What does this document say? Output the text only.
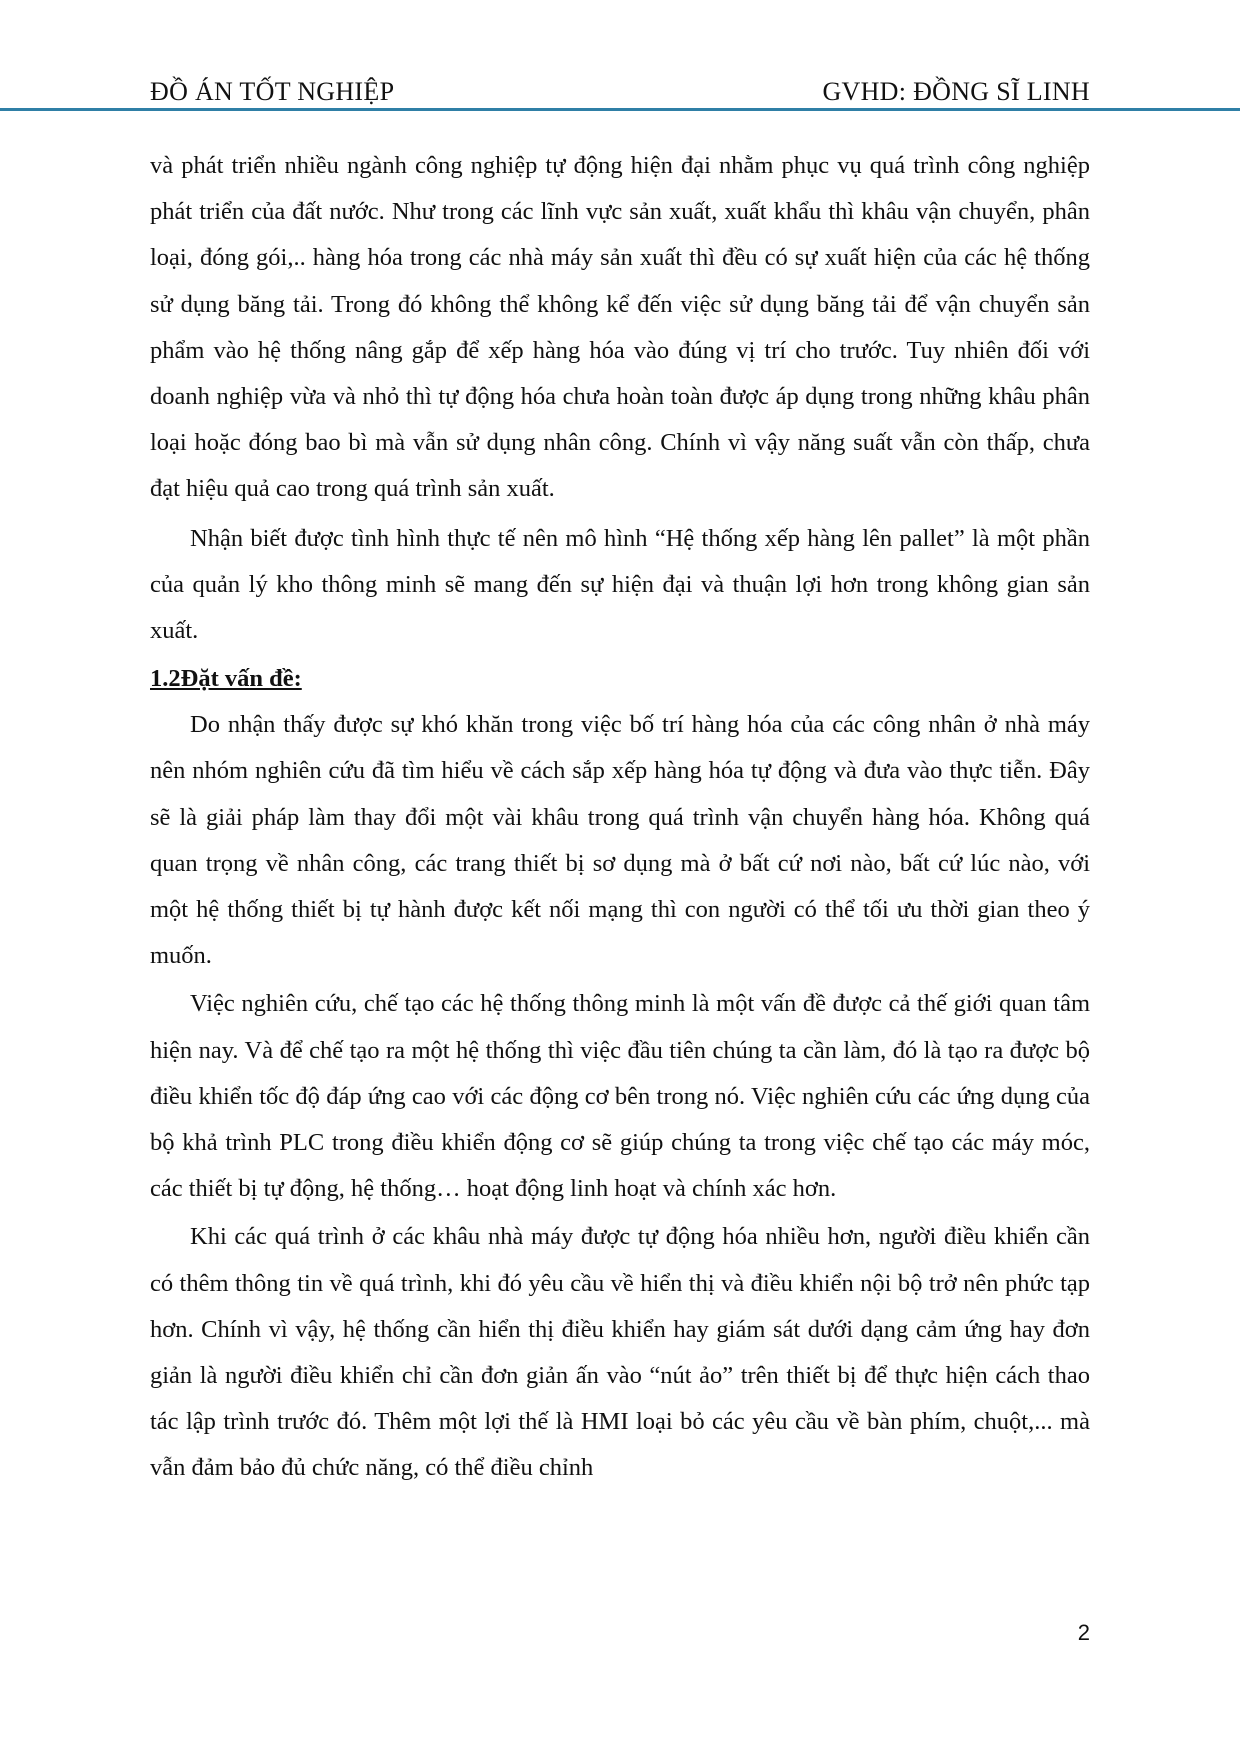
ĐỒ ÁN TỐT NGHIỆP	GVHD: ĐỒNG SĨ LINH

và phát triển nhiều ngành công nghiệp tự động hiện đại nhằm phục vụ quá trình công nghiệp phát triển của đất nước. Như trong các lĩnh vực sản xuất, xuất khẩu thì khâu vận chuyển, phân loại, đóng gói,.. hàng hóa trong các nhà máy sản xuất thì đều có sự xuất hiện của các hệ thống sử dụng băng tải. Trong đó không thể không kể đến việc sử dụng băng tải để vận chuyển sản phẩm vào hệ thống nâng gắp để xếp hàng hóa vào đúng vị trí cho trước. Tuy nhiên đối với doanh nghiệp vừa và nhỏ thì tự động hóa chưa hoàn toàn được áp dụng trong những khâu phân loại hoặc đóng bao bì mà vẫn sử dụng nhân công. Chính vì vậy năng suất vẫn còn thấp, chưa đạt hiệu quả cao trong quá trình sản xuất.

Nhận biết được tình hình thực tế nên mô hình “Hệ thống xếp hàng lên pallet” là một phần của quản lý kho thông minh sẽ mang đến sự hiện đại và thuận lợi hơn trong không gian sản xuất.

1.2Đặt vấn đề:

Do nhận thấy được sự khó khăn trong việc bố trí hàng hóa của các công nhân ở nhà máy nên nhóm nghiên cứu đã tìm hiểu về cách sắp xếp hàng hóa tự động và đưa vào thực tiễn. Đây sẽ là giải pháp làm thay đổi một vài khâu trong quá trình vận chuyển hàng hóa. Không quá quan trọng về nhân công, các trang thiết bị sơ dụng mà ở bất cứ nơi nào, bất cứ lúc nào, với một hệ thống thiết bị tự hành được kết nối mạng thì con người có thể tối ưu thời gian theo ý muốn.

Việc nghiên cứu, chế tạo các hệ thống thông minh là một vấn đề được cả thế giới quan tâm hiện nay. Và để chế tạo ra một hệ thống thì việc đầu tiên chúng ta cần làm, đó là tạo ra được bộ điều khiển tốc độ đáp ứng cao với các động cơ bên trong nó. Việc nghiên cứu các ứng dụng của bộ khả trình PLC trong điều khiển động cơ sẽ giúp chúng ta trong việc chế tạo các máy móc, các thiết bị tự động, hệ thống… hoạt động linh hoạt và chính xác hơn.

Khi các quá trình ở các khâu nhà máy được tự động hóa nhiều hơn, người điều khiển cần có thêm thông tin về quá trình, khi đó yêu cầu về hiển thị và điều khiển nội bộ trở nên phức tạp hơn. Chính vì vậy, hệ thống cần hiển thị điều khiển hay giám sát dưới dạng cảm ứng hay đơn giản là người điều khiển chỉ cần đơn giản ấn vào “nút ảo” trên thiết bị để thực hiện cách thao tác lập trình trước đó. Thêm một lợi thế là HMI loại bỏ các yêu cầu về bàn phím, chuột,... mà vẫn đảm bảo đủ chức năng, có thể điều chỉnh

2
